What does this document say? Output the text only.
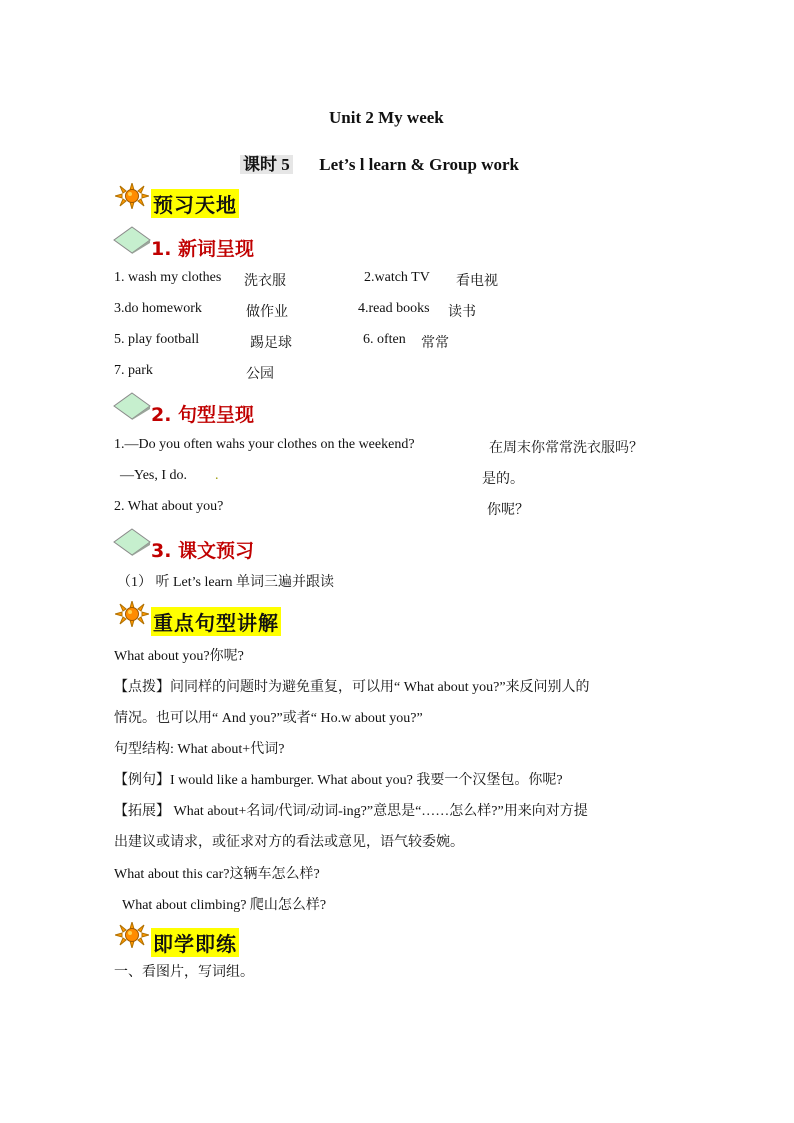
Unit 2 My week
课时 5 Let’s l learn & Group work
预习天地
1. 新词呈现
1. wash my clothes 洗衣服	2.watch TV 看电视
3.do homework	做作业	4.read books 读书
5. play football	踢足球	6. often 常常
7. park	公园
2. 句型呈现
1.—Do you often wahs your clothes on the weekend?	在周末你常常洗衣服吗？
—Yes, I do. .	是的。
2. What about you?	你呢？
3. 课文预习
（1） 听 Let’s learn 单词三遍并跟读
重点句型讲解
What about you?你呢?
【点拨】问同样的问题时为避免重复，可以用“ What about you?”来反问别人的
情况。也可以用“ And you?”或者“ Ho.w about you?”
句型结构: What about+代词?
【例句】I would like a hamburger. What about you? 我要一个汉堡包。你呢?
【拓展】 What about+名词/代词/动词-ing?”意思是“……怎么样?”用来向对方提
出建议或请求，或征求对方的看法或意见，语气较委婉。
What about this car?这辆车怎么样?
What about climbing? 爬山怎么样?
即学即练
一、看图片，写词组。
